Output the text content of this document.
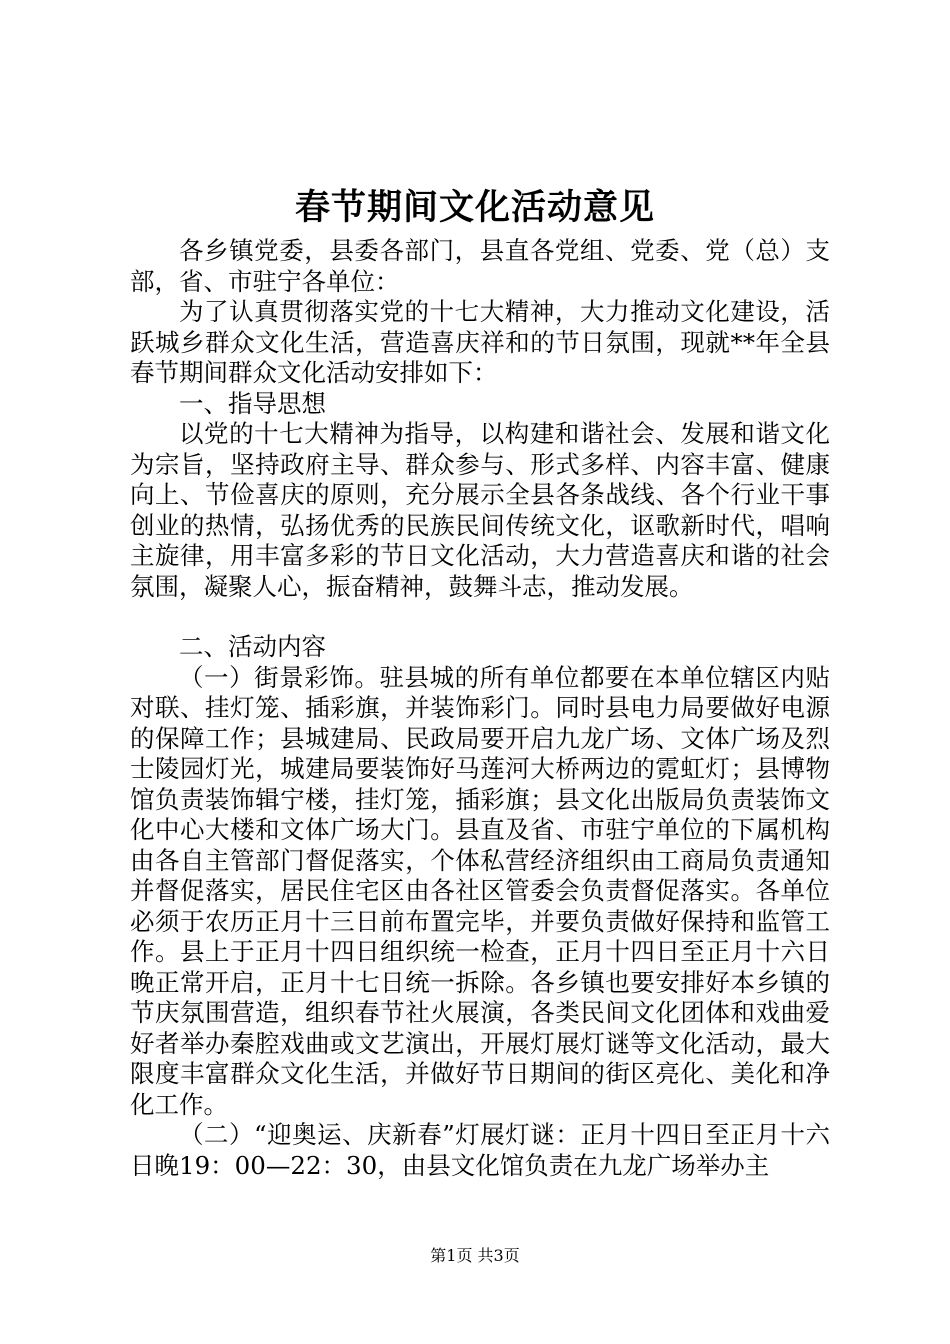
春节期间文化活动意见

各乡镇党委，县委各部门，县直各党组、党委、党（总）支部，省、市驻宁各单位：

为了认真贯彻落实党的十七大精神，大力推动文化建设，活跃城乡群众文化生活，营造喜庆祥和的节日氛围，现就**年全县春节期间群众文化活动安排如下：

一、指导思想

以党的十七大精神为指导，以构建和谐社会、发展和谐文化为宗旨，坚持政府主导、群众参与、形式多样、内容丰富、健康向上、节俭喜庆的原则，充分展示全县各条战线、各个行业干事创业的热情，弘扬优秀的民族民间传统文化，讴歌新时代，唱响主旋律，用丰富多彩的节日文化活动，大力营造喜庆和谐的社会氛围，凝聚人心，振奋精神，鼓舞斗志，推动发展。

二、活动内容

（一）街景彩饰。驻县城的所有单位都要在本单位辖区内贴对联、挂灯笼、插彩旗，并装饰彩门。同时县电力局要做好电源的保障工作；县城建局、民政局要开启九龙广场、文体广场及烈士陵园灯光，城建局要装饰好马莲河大桥两边的霓虹灯；县博物馆负责装饰辑宁楼，挂灯笼，插彩旗；县文化出版局负责装饰文化中心大楼和文体广场大门。县直及省、市驻宁单位的下属机构由各自主管部门督促落实，个体私营经济组织由工商局负责通知并督促落实，居民住宅区由各社区管委会负责督促落实。各单位必须于农历正月十三日前布置完毕，并要负责做好保持和监管工作。县上于正月十四日组织统一检查，正月十四日至正月十六日晚正常开启，正月十七日统一拆除。各乡镇也要安排好本乡镇的节庆氛围营造，组织春节社火展演，各类民间文化团体和戏曲爱好者举办秦腔戏曲或文艺演出，开展灯展灯谜等文化活动，最大限度丰富群众文化生活，并做好节日期间的街区亮化、美化和净化工作。

（二）“迎奥运、庆新春”灯展灯谜：正月十四日至正月十六日晚19：00—22：30，由县文化馆负责在九龙广场举办主

第1页 共3页
